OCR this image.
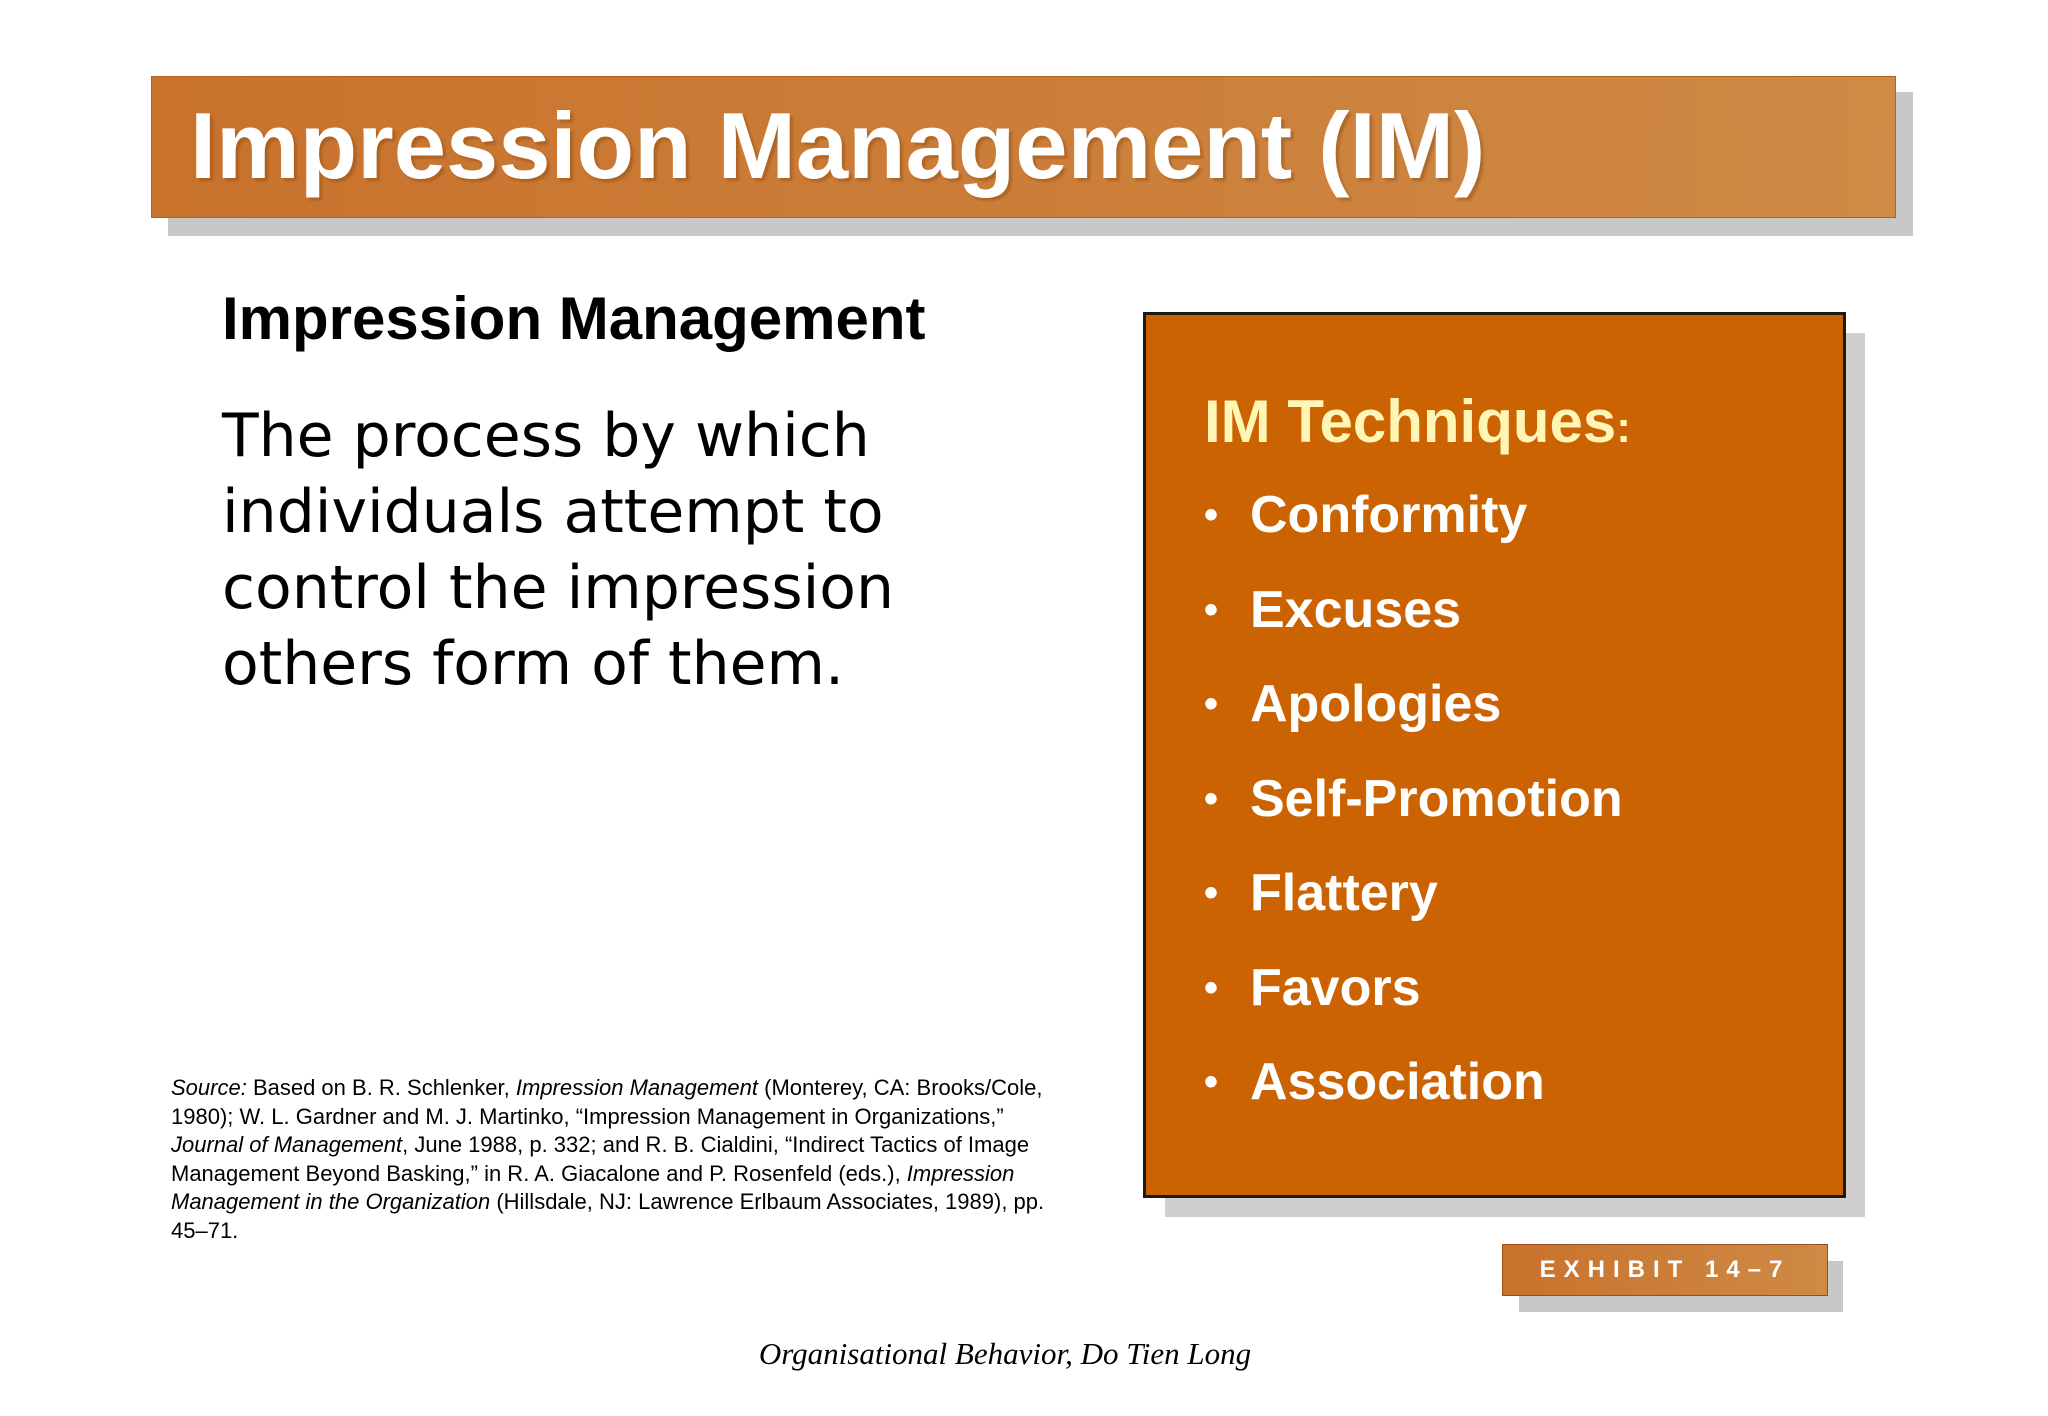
Impression Management (IM)
Impression Management
The process by which individuals attempt to control the impression others form of them.
Source: Based on B. R. Schlenker, Impression Management (Monterey, CA: Brooks/Cole, 1980); W. L. Gardner and M. J. Martinko, “Impression Management in Organizations,” Journal of Management, June 1988, p. 332; and R. B. Cialdini, “Indirect Tactics of Image Management Beyond Basking,” in R. A. Giacalone and P. Rosenfeld (eds.), Impression Management in the Organization (Hillsdale, NJ: Lawrence Erlbaum Associates, 1989), pp. 45–71.
IM Techniques:
• Conformity
• Excuses
• Apologies
• Self-Promotion
• Flattery
• Favors
• Association
EXHIBIT 14–7
Organisational Behavior, Do Tien Long
